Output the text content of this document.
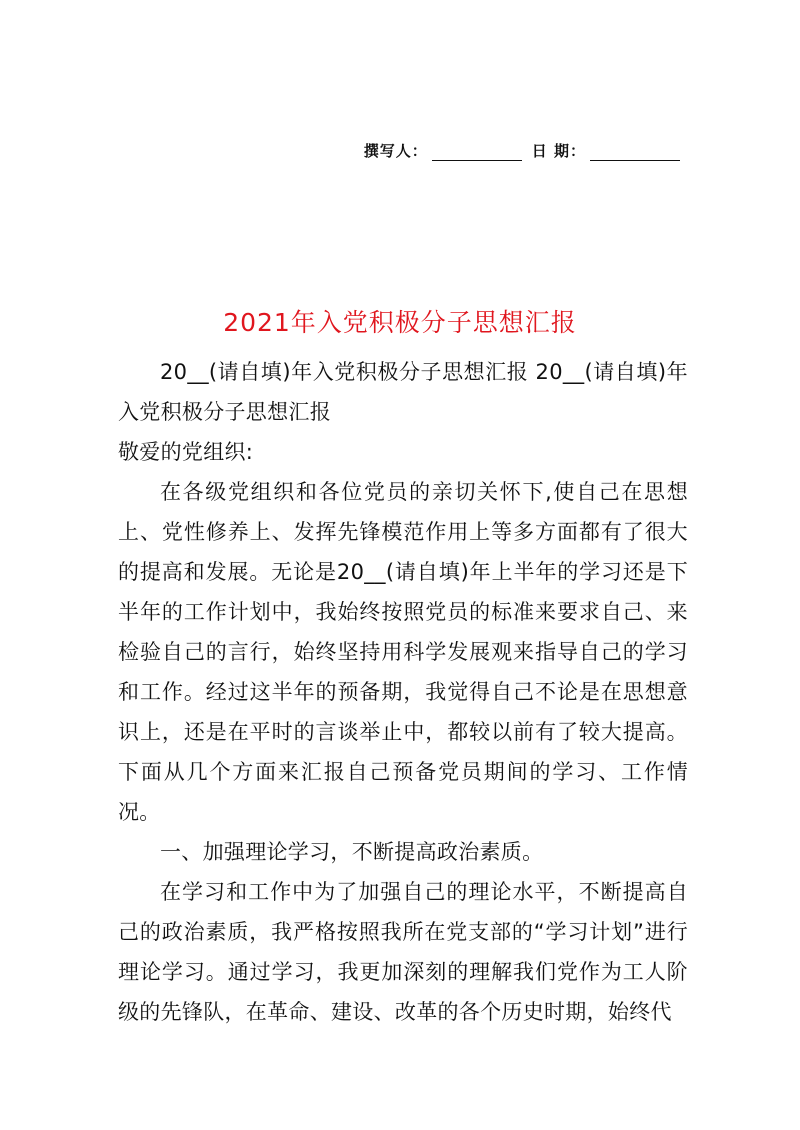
撰写人：	日 期：
2021年入党积极分子思想汇报

20__(请自填)年入党积极分子思想汇报 20__(请自填)年入党积极分子思想汇报

敬爱的党组织:

在各级党组织和各位党员的亲切关怀下,使自己在思想上、党性修养上、发挥先锋模范作用上等多方面都有了很大的提高和发展。无论是20__(请自填)年上半年的学习还是下半年的工作计划中，我始终按照党员的标准来要求自己、来检验自己的言行，始终坚持用科学发展观来指导自己的学习和工作。经过这半年的预备期，我觉得自己不论是在思想意识上，还是在平时的言谈举止中，都较以前有了较大提高。下面从几个方面来汇报自己预备党员期间的学习、工作情况。

一、加强理论学习，不断提高政治素质。

在学习和工作中为了加强自己的理论水平，不断提高自己的政治素质，我严格按照我所在党支部的“学习计划”进行理论学习。通过学习，我更加深刻的理解我们党作为工人阶级的先锋队，在革命、建设、改革的各个历史时期，始终代
